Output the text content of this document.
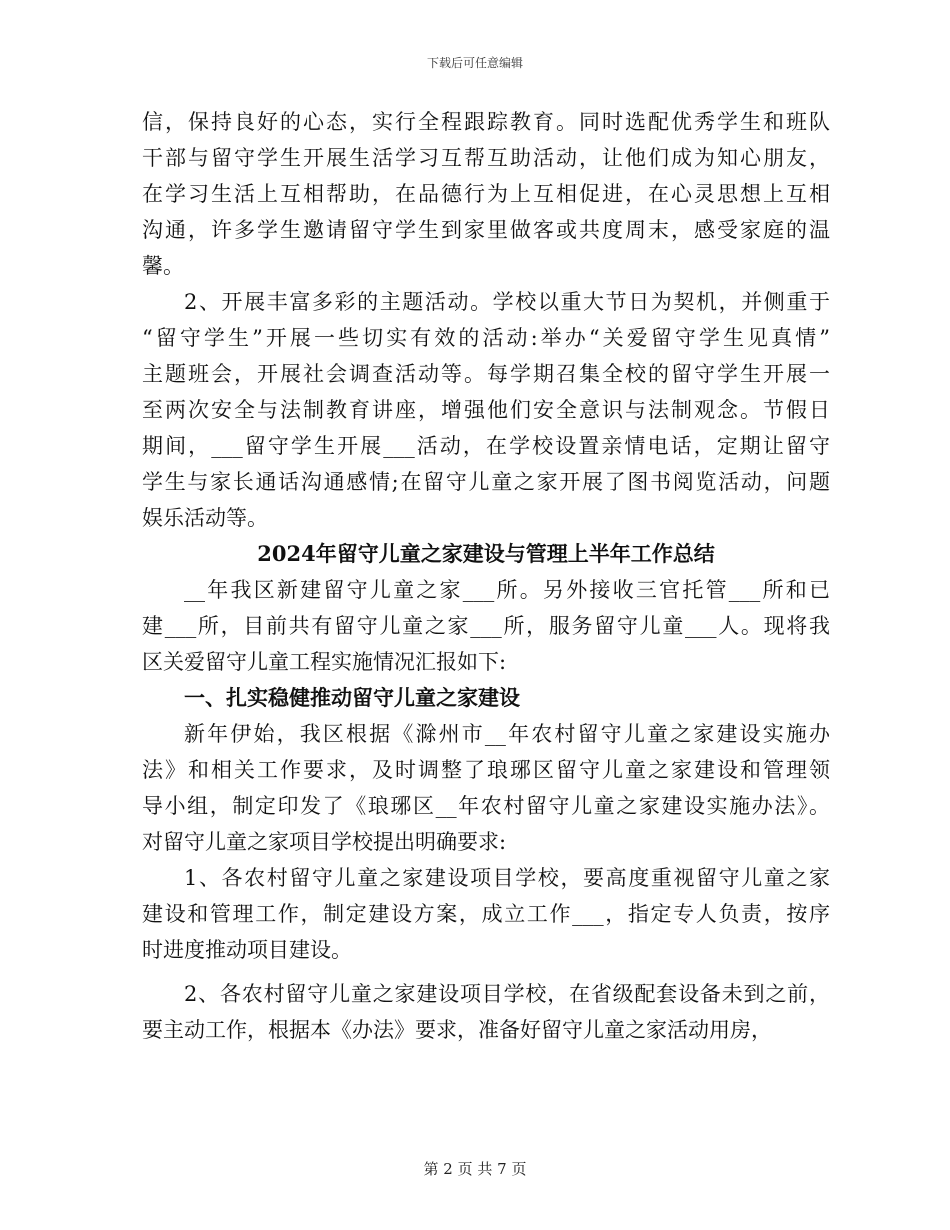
下载后可任意编辑
信，保持良好的心态，实行全程跟踪教育。同时选配优秀学生和班队
干部与留守学生开展生活学习互帮互助活动，让他们成为知心朋友，
在学习生活上互相帮助，在品德行为上互相促进，在心灵思想上互相
沟通，许多学生邀请留守学生到家里做客或共度周末，感受家庭的温
馨。
2、开展丰富多彩的主题活动。学校以重大节日为契机，并侧重于
“留守学生”开展一些切实有效的活动:举办“关爱留守学生见真情”
主题班会，开展社会调查活动等。每学期召集全校的留守学生开展一
至两次安全与法制教育讲座，增强他们安全意识与法制观念。节假日
期间，___留守学生开展___活动，在学校设置亲情电话，定期让留守
学生与家长通话沟通感情;在留守儿童之家开展了图书阅览活动，问题
娱乐活动等。
2024年留守儿童之家建设与管理上半年工作总结
__年我区新建留守儿童之家___所。另外接收三官托管___所和已
建___所，目前共有留守儿童之家___所，服务留守儿童___人。现将我
区关爱留守儿童工程实施情况汇报如下:
一、扎实稳健推动留守儿童之家建设
新年伊始，我区根据《滁州市__年农村留守儿童之家建设实施办
法》和相关工作要求，及时调整了琅琊区留守儿童之家建设和管理领
导小组，制定印发了《琅琊区__年农村留守儿童之家建设实施办法》。
对留守儿童之家项目学校提出明确要求:
1、各农村留守儿童之家建设项目学校，要高度重视留守儿童之家
建设和管理工作，制定建设方案，成立工作___，指定专人负责，按序
时进度推动项目建设。
2、各农村留守儿童之家建设项目学校，在省级配套设备未到之前，
要主动工作，根据本《办法》要求，准备好留守儿童之家活动用房，
第 2 页 共 7 页
